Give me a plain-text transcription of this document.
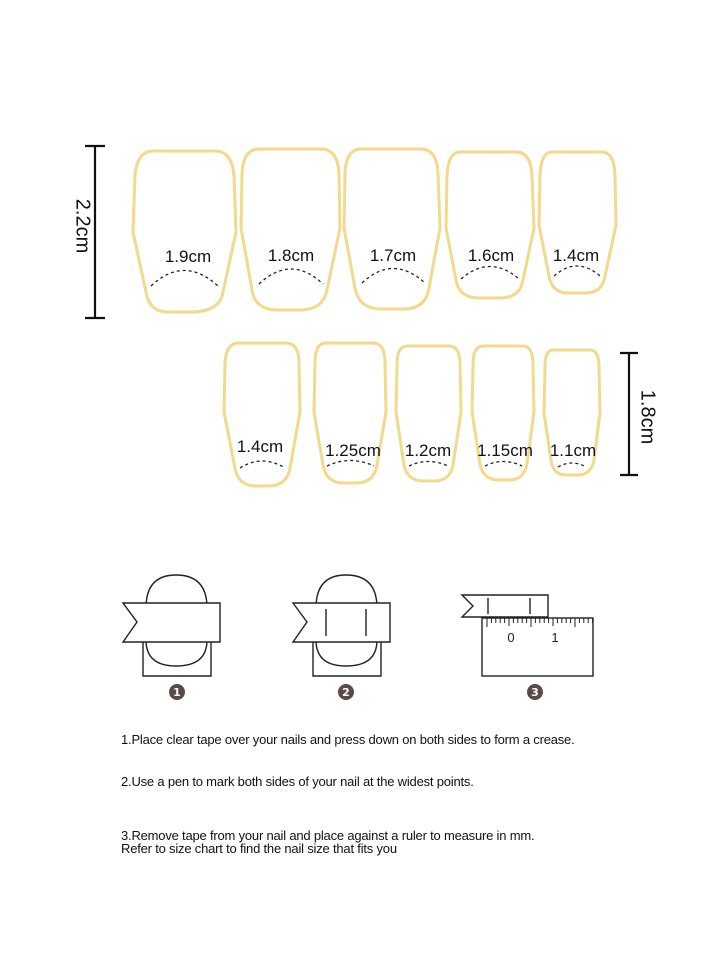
2.2cm
1.8cm
1.9cm	1.8cm	1.7cm	1.6cm 1.4cm
1.4cm 1.25cm 1.2cm 1.15cm 1.1cm
1	2
0	1
3
1.Place clear tape over your nails and press down on both sides to form a crease.
2.Use a pen to mark both sides of your nail at the widest points.
3.Remove tape from your nail and place against a ruler to measure in mm.
Refer to size chart to find the nail size that fits you
